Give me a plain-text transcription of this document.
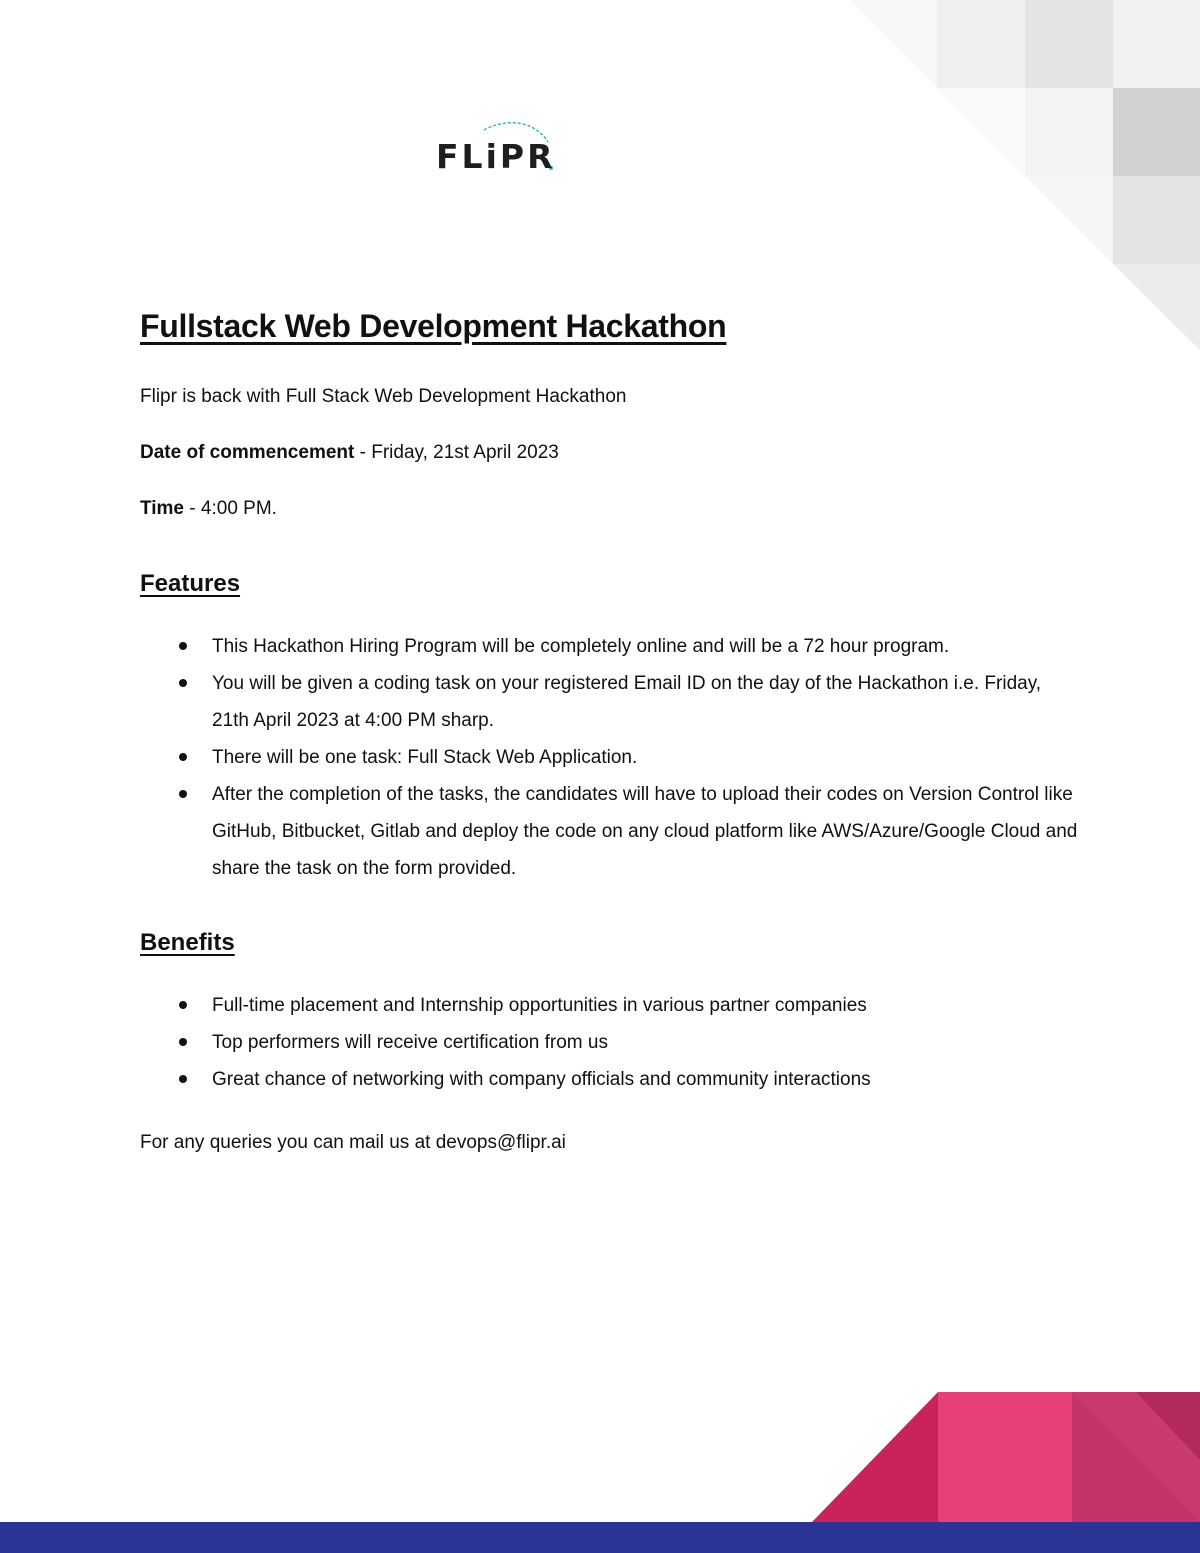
FLiPR
Fullstack Web Development Hackathon

Flipr is back with Full Stack Web Development Hackathon

Date of commencement - Friday, 21st April 2023

Time - 4:00 PM.

Features
This Hackathon Hiring Program will be completely online and will be a 72 hour program.
You will be given a coding task on your registered Email ID on the day of the Hackathon i.e. Friday, 21th April 2023 at 4:00 PM sharp.
There will be one task: Full Stack Web Application.
After the completion of the tasks, the candidates will have to upload their codes on Version Control like GitHub, Bitbucket, Gitlab and deploy the code on any cloud platform like AWS/Azure/Google Cloud and share the task on the form provided.
Benefits
Full-time placement and Internship opportunities in various partner companies
Top performers will receive certification from us
Great chance of networking with company officials and community interactions

For any queries you can mail us at devops@flipr.ai
